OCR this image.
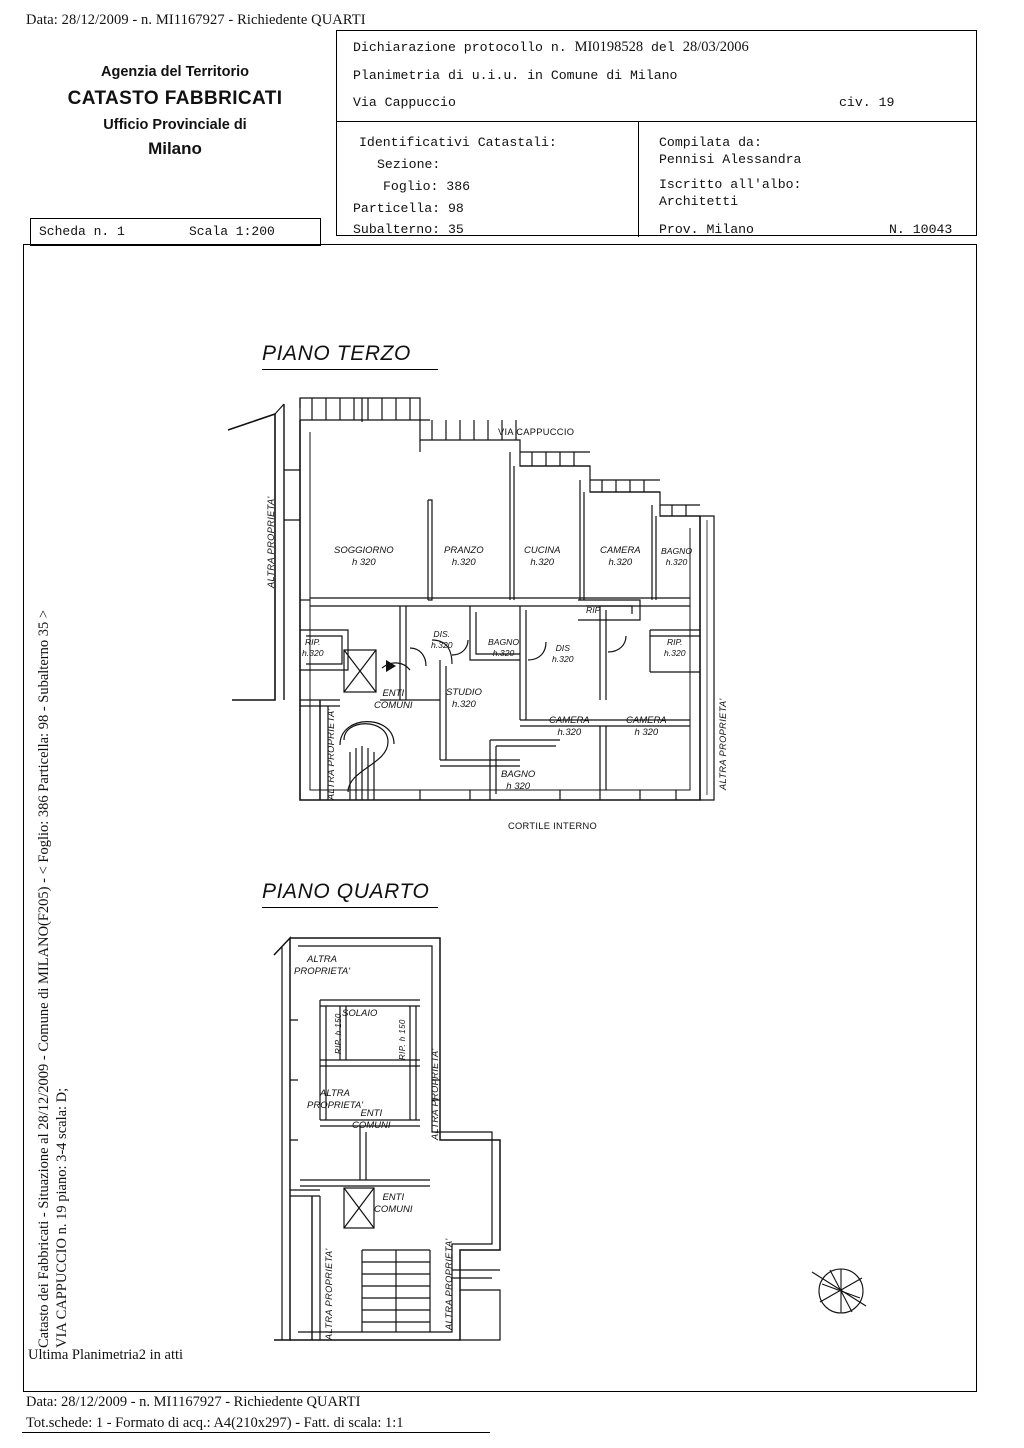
Data: 28/12/2009 - n. MI1167927 - Richiedente QUARTI
Agenzia del Territorio
CATASTO FABBRICATI
Ufficio Provinciale di
Milano
Scheda n. 1	Scala 1:200
Dichiarazione protocollo n. MI0198528 del 28/03/2006
Planimetria di u.i.u. in Comune di Milano
Via Cappuccio	civ. 19
Identificativi Catastali:
Sezione:
Foglio: 386
Particella: 98
Subalterno: 35
Compilata da:
Pennisi Alessandra
Iscritto all'albo:
Architetti
Prov. Milano	N. 10043
Catasto dei Fabbricati - Situazione al 28/12/2009 - Comune di MILANO(F205) - < Foglio: 386 Particella: 98 - Subalterno 35 >
VIA CAPPUCCIO n. 19 piano: 3-4 scala: D;
PIANO TERZO
PIANO QUARTO
VIA CAPPUCCIO
CORTILE INTERNO
ALTRA PROPRIETA'
ALTRA PROPRIETA'	ALTRA PROPRIETA'
SOGGIORNO
h 320
PRANZO
h.320
CUCINA
h.320
CAMERA
h.320
BAGNO
h.320
RIP.
h.320
DIS.
h.320	BAGNO
h.320	DIS
h.320
RIP.
h.320
RIP
STUDIO
h.320
CAMERA
h.320
CAMERA
h 320
BAGNO
h 320
ENTI
COMUNI
ALTRA
PROPRIETA'
SOLAIO
RIP. h 150	RIP. h 150
ALTRA
PROPRIETA'
ENTI
COMUNI
ENTI
COMUNI
ALTRA PROPRIETA'
ALTRA PROPRIETA'
ALTRA PROPRIETA'
Ultima Planimetria2 in atti
Data: 28/12/2009 - n. MI1167927 - Richiedente QUARTI
Tot.schede: 1 - Formato di acq.: A4(210x297) - Fatt. di scala: 1:1
